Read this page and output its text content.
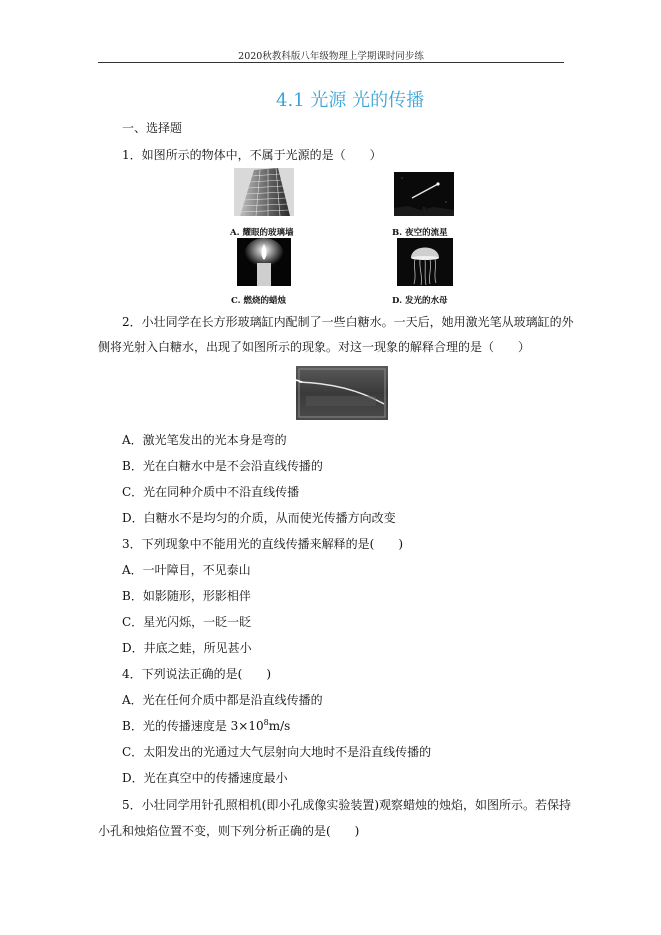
2020秋教科版八年级物理上学期课时同步练
4.1 光源 光的传播
一、选择题
1．如图所示的物体中，不属于光源的是（　　）
A. 耀眼的玻璃墙	B. 夜空的流星
C. 燃烧的蜡烛	D. 发光的水母
2．小壮同学在长方形玻璃缸内配制了一些白糖水。一天后，她用激光笔从玻璃缸的外
侧将光射入白糖水，出现了如图所示的现象。对这一现象的解释合理的是（　　）
A．激光笔发出的光本身是弯的
B．光在白糖水中是不会沿直线传播的
C．光在同种介质中不沿直线传播
D．白糖水不是均匀的介质，从而使光传播方向改变
3．下列现象中不能用光的直线传播来解释的是(　　)
A．一叶障目，不见泰山
B．如影随形，形影相伴
C．星光闪烁，一眨一眨
D．井底之蛙，所见甚小
4．下列说法正确的是(　　)
A．光在任何介质中都是沿直线传播的
B．光的传播速度是 $3\times 10^8m/s$
C．太阳发出的光通过大气层射向大地时不是沿直线传播的
D．光在真空中的传播速度最小
5．小壮同学用针孔照相机(即小孔成像实验装置)观察蜡烛的烛焰，如图所示。若保持
小孔和烛焰位置不变，则下列分析正确的是(　　)
